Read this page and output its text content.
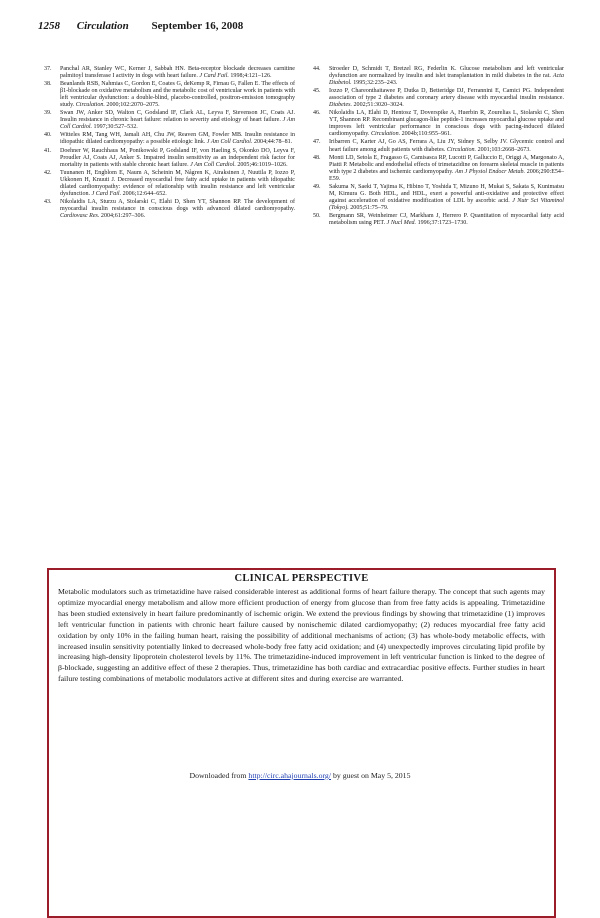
1258 Circulation September 16, 2008
37. Panchal AR, Stanley WC, Kerner J, Sabbah HN. Beta-receptor blockade decreases carnitine palmitoyl transferase I activity in dogs with heart failure. J Card Fail. 1998;4:121–126.
38. Beanlands RSB, Nahmias C, Gordon E, Coates G, deKemp R, Firnau G, Fallen E. The effects of β1-blockade on oxidative metabolism and the metabolic cost of ventricular work in patients with left ventricular dysfunction: a double-blind, placebo-controlled, positron-emission tomography study. Circulation. 2000;102:2070–2075.
39. Swan JW, Anker SD, Walton C, Godsland IF, Clark AL, Leyva F, Stevenson JC, Coats AJ. Insulin resistance in chronic heart failure: relation to severity and etiology of heart failure. J Am Coll Cardiol. 1997;30:527–532.
40. Witteles RM, Tang WH, Jamali AH, Chu JW, Reaven GM, Fowler MB. Insulin resistance in idiopathic dilated cardiomyopathy: a possible etiologic link. J Am Coll Cardiol. 2004;44:78–81.
41. Doehner W, Rauchhaus M, Ponikowski P, Godsland IF, von Haeling S, Okonko DO, Leyva F, Proudler AJ, Coats AJ, Anker S. Impaired insulin sensitivity as an independent risk factor for mortality in patients with stable chronic heart failure. J Am Coll Cardiol. 2005;46:1019–1026.
42. Tuunanen H, Engblom E, Naum A, Scheinin M, Någren K, Airaksinen J, Nuutila P, Iozzo P, Ukkonen H, Knuuti J. Decreased myocardial free fatty acid uptake in patients with idiopathic dilated cardiomyopathy: evidence of relationship with insulin resistance and left ventricular dysfunction. J Card Fail. 2006;12:644–652.
43. Nikolaidis LA, Sturzu A, Stolarski C, Elahi D, Shen YT, Shannon RP. The development of myocardial insulin resistance in conscious dogs with advanced dilated cardiomyopathy. Cardiovasc Res. 2004;61:297–306.
44. Stroeder D, Schmidt T, Bretzel RG, Federlin K. Glucose metabolism and left ventricular dysfunction are normalized by insulin and islet transplantation in mild diabetes in the rat. Acta Diabetol. 1995;32:235–243.
45. Iozzo P, Chareonthaitawee P, Dutka D, Betteridge DJ, Ferrannini E, Camici PG. Independent association of type 2 diabetes and coronary artery disease with myocardial insulin resistance. Diabetes. 2002;51:3020–3024.
46. Nikolaidis LA, Elahi D, Hentosz T, Doverspike A, Huerbin R, Zourelias L, Stolarski C, Shen YT, Shannon RP. Recombinant glucagon-like peptide-1 increases myocardial glucose uptake and improves left ventricular performance in conscious dogs with pacing-induced dilated cardiomyopathy. Circulation. 2004b;110:955–961.
47. Iribarren C, Karter AJ, Go AS, Ferrara A, Liu JY, Sidney S, Selby JV. Glycemic control and heart failure among adult patients with diabetes. Circulation. 2001;103:2668–2673.
48. Monti LD, Setola E, Fragasso G, Camisasca RP, Lucotti P, Galluccio E, Origgi A, Margonato A, Piatti P. Metabolic and endothelial effects of trimetazidine on forearm skeletal muscle in patients with type 2 diabetes and ischemic cardiomyopathy. Am J Physiol Endocr Metab. 2006;290:E54–E59.
49. Sakuma N, Saeki T, Yajima K, Hibino T, Yoshida T, Mizuno H, Mukai S, Sakata S, Kunimatsu M, Kimura G. Both HDL₂ and HDL₃ exert a powerful anti-oxidative and protective effect against acceleration of oxidative modification of LDL by ascorbic acid. J Nutr Sci Vitaminol (Tokyo). 2005;51:75–79.
50. Bergmann SR, Weinheimer CJ, Markham J, Herrero P. Quantitation of myocardial fatty acid metabolism using PET. J Nucl Med. 1996;37:1723–1730.
CLINICAL PERSPECTIVE

Metabolic modulators such as trimetazidine have raised considerable interest as additional forms of heart failure therapy. The concept that such agents may optimize myocardial energy metabolism and allow more efficient production of energy from glucose than from free fatty acids is appealing. Trimetazidine has been studied extensively in heart failure predominantly of ischemic origin. We extend the previous findings by showing that trimetazidine (1) improves left ventricular function in patients with chronic heart failure caused by nonischemic dilated cardiomyopathy; (2) reduces myocardial free fatty acid oxidation by only 10% in the failing human heart, raising the possibility of additional mechanisms of action; (3) has whole-body metabolic effects, with increased insulin sensitivity potentially linked to decreased whole-body free fatty acid oxidation; and (4) unexpectedly improves circulating lipid profile by increasing high-density lipoprotein cholesterol levels by 11%. The trimetazidine-induced improvement in left ventricular function is linked to the degree of β-blockade, suggesting an additive effect of these 2 therapies. Thus, trimetazidine has both cardiac and extracardiac positive effects. Further studies in heart failure testing combinations of metabolic modulators active at different sites and during exercise are warranted.

Downloaded from http://circ.ahajournals.org/ by guest on May 5, 2015
